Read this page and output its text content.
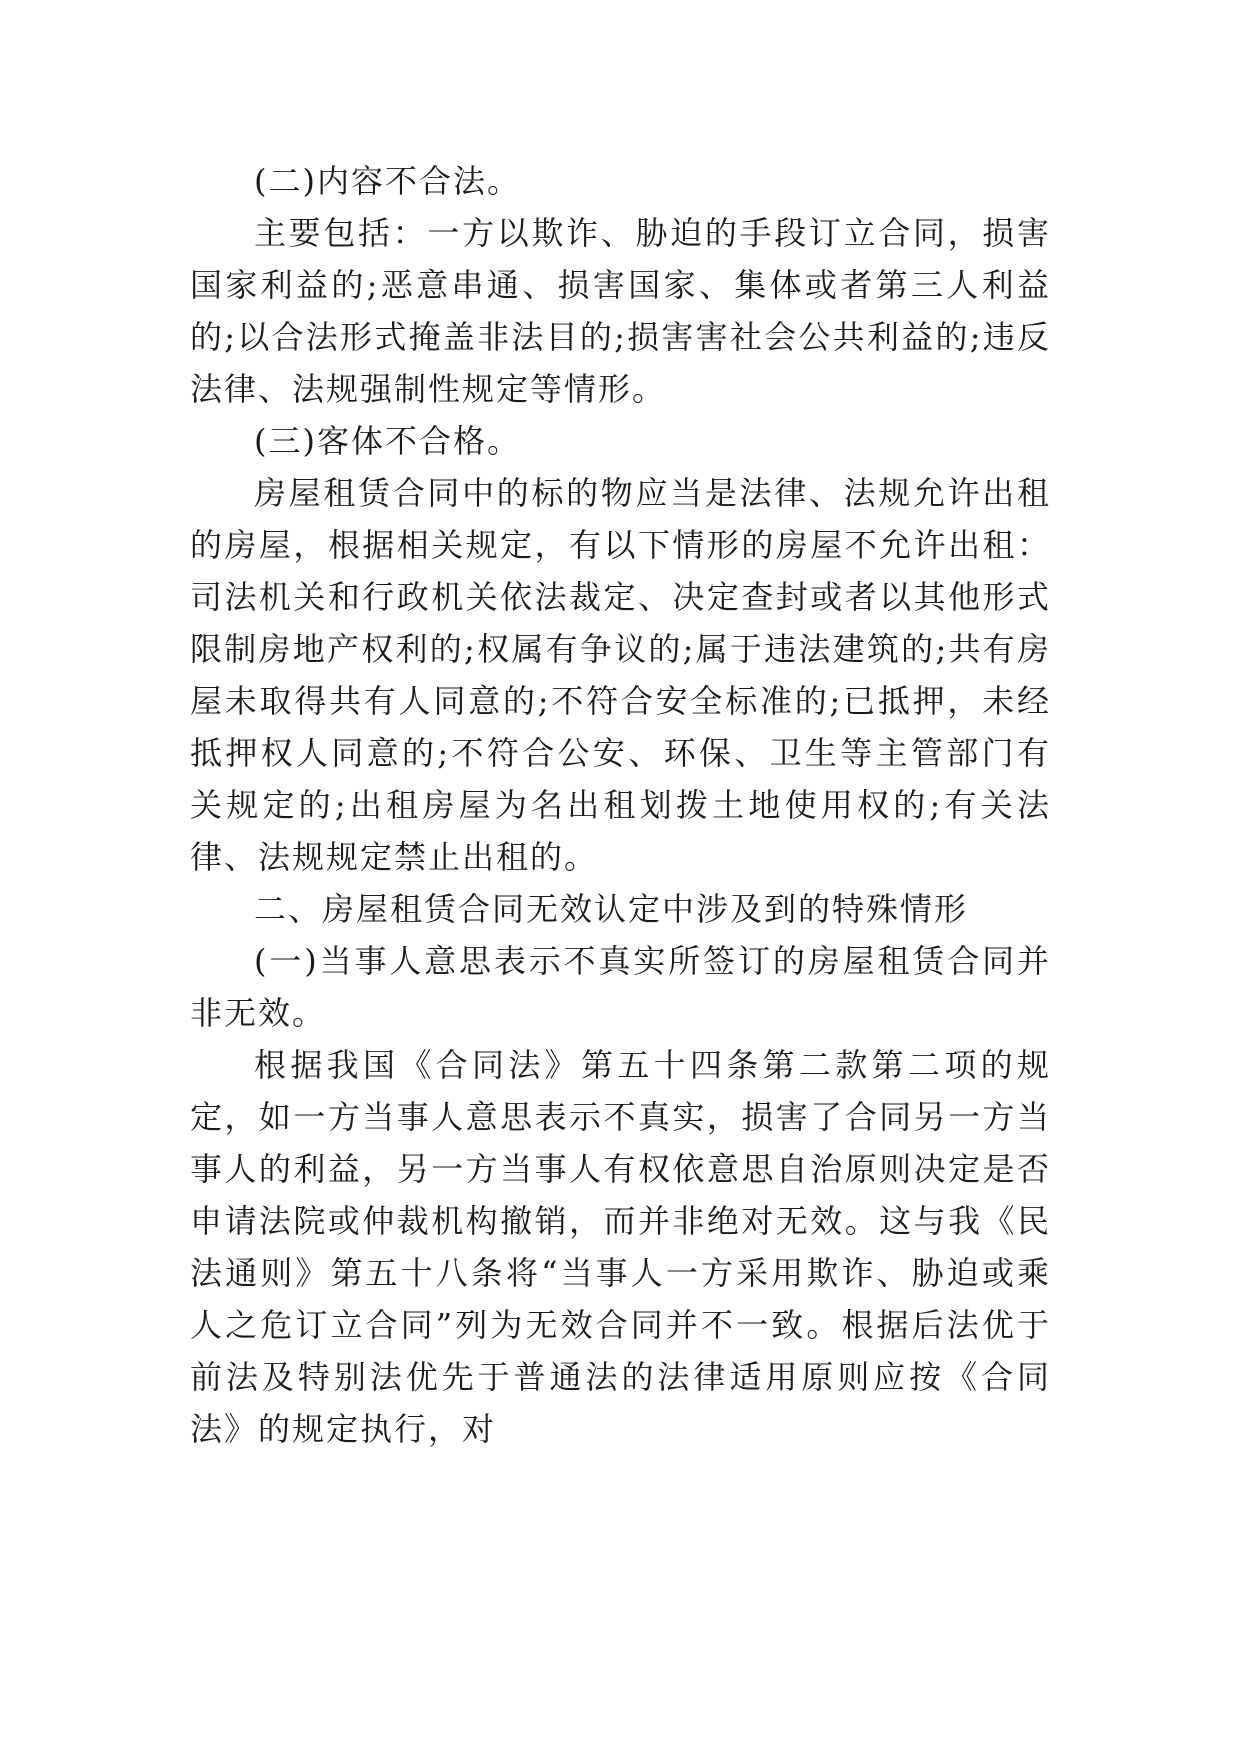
(二)内容不合法。

主要包括：一方以欺诈、胁迫的手段订立合同，损害国家利益的;恶意串通、损害国家、集体或者第三人利益的;以合法形式掩盖非法目的;损害害社会公共利益的;违反法律、法规强制性规定等情形。

(三)客体不合格。

房屋租赁合同中的标的物应当是法律、法规允许出租的房屋，根据相关规定，有以下情形的房屋不允许出租：司法机关和行政机关依法裁定、决定查封或者以其他形式限制房地产权利的;权属有争议的;属于违法建筑的;共有房屋未取得共有人同意的;不符合安全标准的;已抵押，未经抵押权人同意的;不符合公安、环保、卫生等主管部门有关规定的;出租房屋为名出租划拨土地使用权的;有关法律、法规规定禁止出租的。

二、房屋租赁合同无效认定中涉及到的特殊情形

(一)当事人意思表示不真实所签订的房屋租赁合同并非无效。

根据我国《合同法》第五十四条第二款第二项的规定，如一方当事人意思表示不真实，损害了合同另一方当事人的利益，另一方当事人有权依意思自治原则决定是否申请法院或仲裁机构撤销，而并非绝对无效。这与我《民法通则》第五十八条将“当事人一方采用欺诈、胁迫或乘人之危订立合同”列为无效合同并不一致。根据后法优于前法及特别法优先于普通法的法律适用原则应按《合同法》的规定执行，对
